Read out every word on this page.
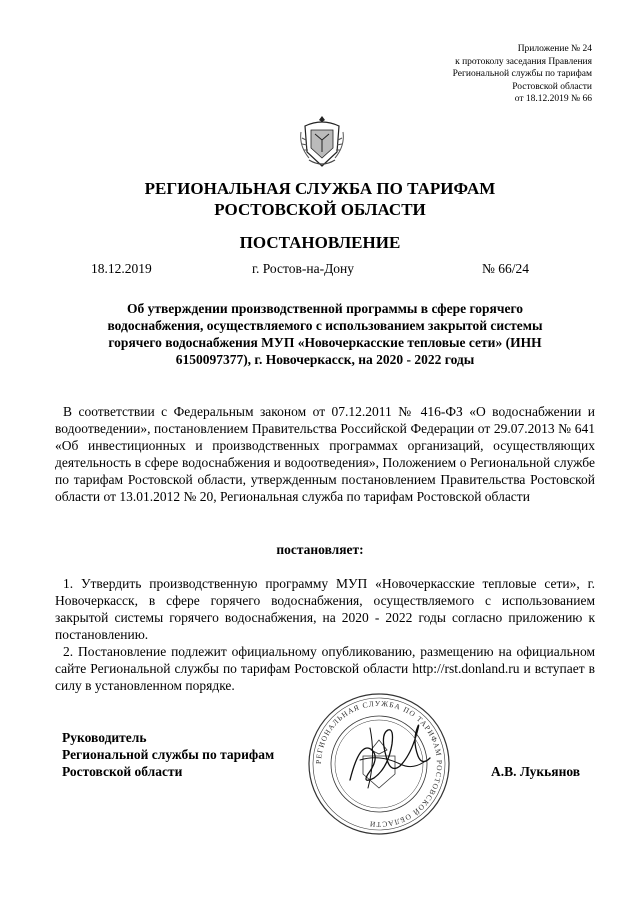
Приложение № 24
к протоколу заседания Правления
Региональной службы по тарифам
Ростовской области
от 18.12.2019 № 66
РЕГИОНАЛЬНАЯ СЛУЖБА ПО ТАРИФАМ
РОСТОВСКОЙ ОБЛАСТИ
ПОСТАНОВЛЕНИЕ
18.12.2019	г. Ростов-на-Дону	№ 66/24
Об утверждении производственной программы в сфере горячего
водоснабжения, осуществляемого с использованием закрытой системы
горячего водоснабжения МУП «Новочеркасские тепловые сети» (ИНН
6150097377), г. Новочеркасск, на 2020 - 2022 годы
В соответствии с Федеральным законом от 07.12.2011 № 416-ФЗ «О водоснабжении и водоотведении», постановлением Правительства Российской Федерации от 29.07.2013 № 641 «Об инвестиционных и производственных программах организаций, осуществляющих деятельность в сфере водоснабжения и водоотведения», Положением о Региональной службе по тарифам Ростовской области, утвержденным постановлением Правительства Ростовской области от 13.01.2012 № 20, Региональная служба по тарифам Ростовской области
постановляет:
1. Утвердить производственную программу МУП «Новочеркасские тепловые сети», г. Новочеркасск, в сфере горячего водоснабжения, осуществляемого с использованием закрытой системы горячего водоснабжения, на 2020 - 2022 годы согласно приложению к постановлению.
2. Постановление подлежит официальному опубликованию, размещению на официальном сайте Региональной службы по тарифам Ростовской области http://rst.donland.ru и вступает в силу в установленном порядке.
РЕГИОНАЛЬНАЯ СЛУЖБА ПО ТАРИФАМ РОСТОВСКОЙ ОБЛАСТИ
Руководитель
Региональной службы по тарифам
Ростовской области	А.В. Лукьянов
